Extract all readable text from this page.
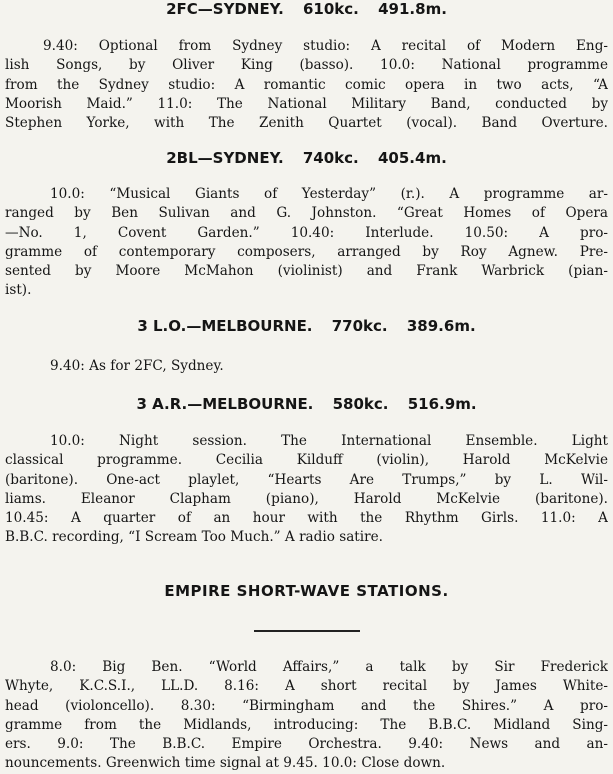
2FC—SYDNEY. 610kc. 491.8m.
9.40: Optional from Sydney studio: A recital of Modern Eng-
lish Songs, by Oliver King (basso). 10.0: National programme
from the Sydney studio: A romantic comic opera in two acts, “A
Moorish Maid.” 11.0: The National Military Band, conducted by
Stephen Yorke, with The Zenith Quartet (vocal). Band Overture.
2BL—SYDNEY. 740kc. 405.4m.
10.0: “Musical Giants of Yesterday” (r.). A programme ar-
ranged by Ben Sulivan and G. Johnston. “Great Homes of Opera
—No. 1, Covent Garden.” 10.40: Interlude. 10.50: A pro-
gramme of contemporary composers, arranged by Roy Agnew. Pre-
sented by Moore McMahon (violinist) and Frank Warbrick (pian-
ist).
3 L.O.—MELBOURNE. 770kc. 389.6m.
9.40: As for 2FC, Sydney.
3 A.R.—MELBOURNE. 580kc. 516.9m.
10.0: Night session. The International Ensemble. Light
classical programme. Cecilia Kilduff (violin), Harold McKelvie
(baritone). One-act playlet, “Hearts Are Trumps,” by L. Wil-
liams. Eleanor Clapham (piano), Harold McKelvie (baritone).
10.45: A quarter of an hour with the Rhythm Girls. 11.0: A
B.B.C. recording, “I Scream Too Much.” A radio satire.
EMPIRE SHORT-WAVE STATIONS.
8.0: Big Ben. “World Affairs,” a talk by Sir Frederick
Whyte, K.C.S.I., LL.D. 8.16: A short recital by James White-
head (violoncello). 8.30: “Birmingham and the Shires.” A pro-
gramme from the Midlands, introducing: The B.B.C. Midland Sing-
ers. 9.0: The B.B.C. Empire Orchestra. 9.40: News and an-
nouncements. Greenwich time signal at 9.45. 10.0: Close down.
